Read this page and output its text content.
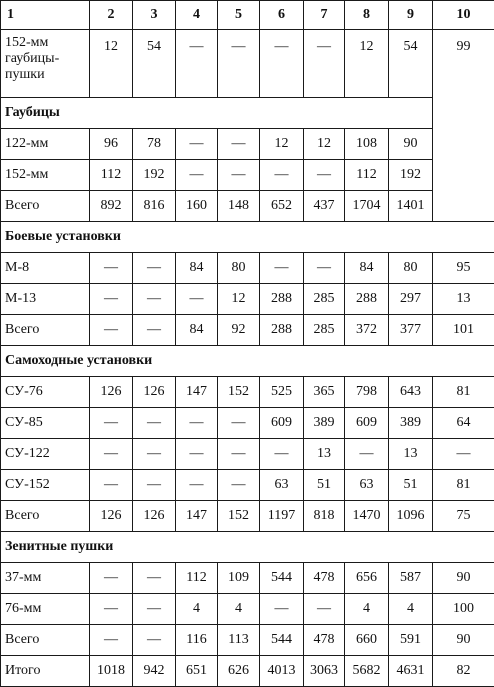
1	2	3	4	5	6	7	8	9	10	
152-мм гаубицы-пушки	12	54	—	—	—	—	12	54	99	
Гаубицы										
122-мм	96	78	—	—	12	12	108	90		
152-мм	112	192	—	—	—	—	112	192		
Всего	892	816	160	148	652	437	1704	1401	
Боевые установки										
М-8	—	—	84	80	—	—	84	80	95	
М-13	—	—	—	12	288	285	288	297	13	
Всего	—	—	84	92	288	285	372	377	101	
Самоходные установки										
СУ-76	126	126	147	152	525	365	798	643	81	
СУ-85	—	—	—	—	609	389	609	389	64	
СУ-122	—	—	—	—	—	13	—	13	—	
СУ-152	—	—	—	—	63	51	63	51	81	
Всего	126	126	147	152	1197	818	1470	1096	75	
Зенитные пушки										
37-мм	—	—	112	109	544	478	656	587	90	
76-мм	—	—	4	4	—	—	4	4	100	
Всего	—	—	116	113	544	478	660	591	90	
Итого	1018	942	651	626	4013	3063	5682	4631	82	
